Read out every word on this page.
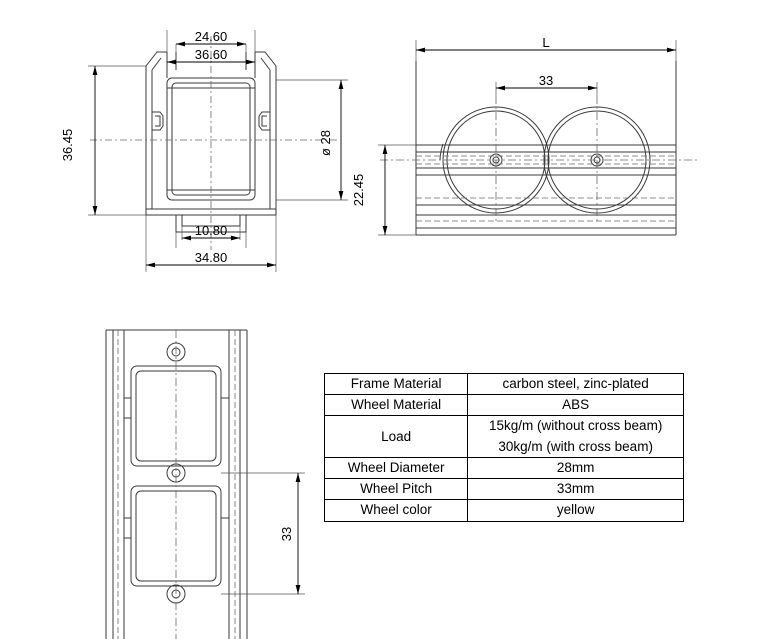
24.60
36.60
36.45	ø 28
10.80
34.80
L
33
22.45
33
Frame Material	carbon steel, zinc-plated
Wheel Material	ABS
Load	15kg/m (without cross beam)
	30kg/m (with cross beam)
Wheel Diameter	28mm
Wheel Pitch	33mm
Wheel color	yellow
